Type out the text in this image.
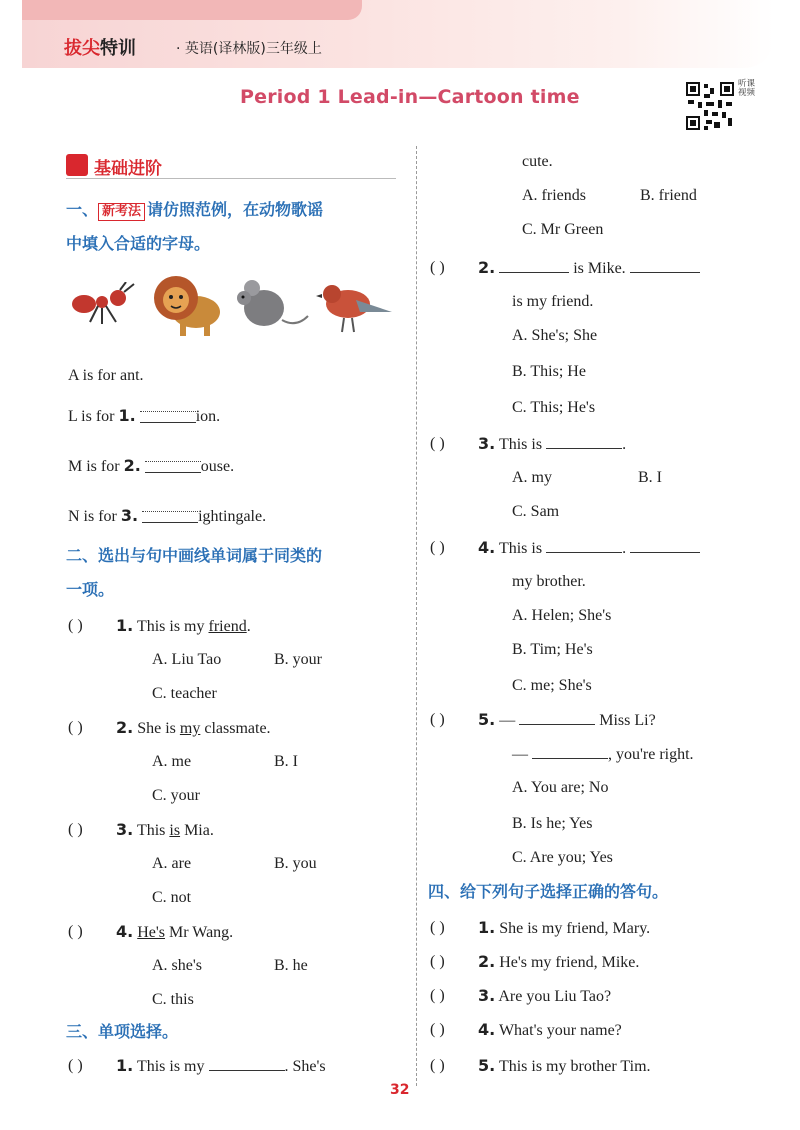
拔尖特训	· 英语(译林版)三年级上
Period 1 Lead-in—Cartoon time
听课视频
基础进阶
一、 新考法 请仿照范例，在动物歌谣
中填入合适的字母。
A is for ant.
L is for 1.	ion.
M is for 2.	ouse.
N is for 3.	ightingale.
二、选出与句中画线单词属于同类的
一项。
( ) 1. This is my friend.
A. Liu Tao	B. your
C. teacher
( ) 2. She is my classmate.
A. me	B. I
C. your
( ) 3. This is Mia.
A. are	B. you
C. not
( ) 4. He's Mr Wang.
A. she's	B. he
C. this
三、单项选择。
( ) 1. This is my	. She's
cute.
A. friends	B. friend
C. Mr Green
( ) 2.	is Mike.
is my friend.
A. She's; She
B. This; He
C. This; He's
( ) 3. This is	.
A. my	B. I
C. Sam
( ) 4. This is	.
my brother.
A. Helen; She's
B. Tim; He's
C. me; She's
( ) 5. —	Miss Li?
—	, you're right.
A. You are; No
B. Is he; Yes
C. Are you; Yes
四、给下列句子选择正确的答句。
( ) 1. She is my friend, Mary.
( ) 2. He's my friend, Mike.
( ) 3. Are you Liu Tao?
( ) 4. What's your name?
( ) 5. This is my brother Tim.
32
